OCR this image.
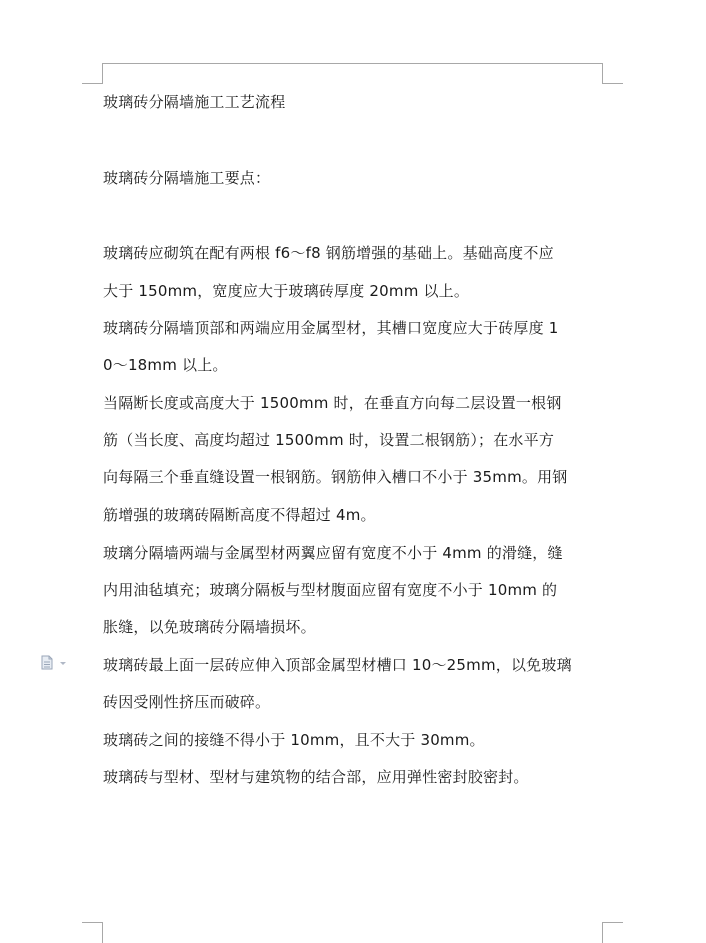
玻璃砖分隔墙施工工艺流程
玻璃砖分隔墙施工要点：
玻璃砖应砌筑在配有两根 f6～f8 钢筋增强的基础上。基础高度不应
大于 150mm，宽度应大于玻璃砖厚度 20mm 以上。
玻璃砖分隔墙顶部和两端应用金属型材，其槽口宽度应大于砖厚度 1
0～18mm 以上。
当隔断长度或高度大于 1500mm 时，在垂直方向每二层设置一根钢
筋（当长度、高度均超过 1500mm 时，设置二根钢筋）；在水平方
向每隔三个垂直缝设置一根钢筋。钢筋伸入槽口不小于 35mm。用钢
筋增强的玻璃砖隔断高度不得超过 4m。
玻璃分隔墙两端与金属型材两翼应留有宽度不小于 4mm 的滑缝，缝
内用油毡填充；玻璃分隔板与型材腹面应留有宽度不小于 10mm 的
胀缝，以免玻璃砖分隔墙损坏。
玻璃砖最上面一层砖应伸入顶部金属型材槽口 10～25mm，以免玻璃
砖因受刚性挤压而破碎。
玻璃砖之间的接缝不得小于 10mm，且不大于 30mm。
玻璃砖与型材、型材与建筑物的结合部，应用弹性密封胶密封。
